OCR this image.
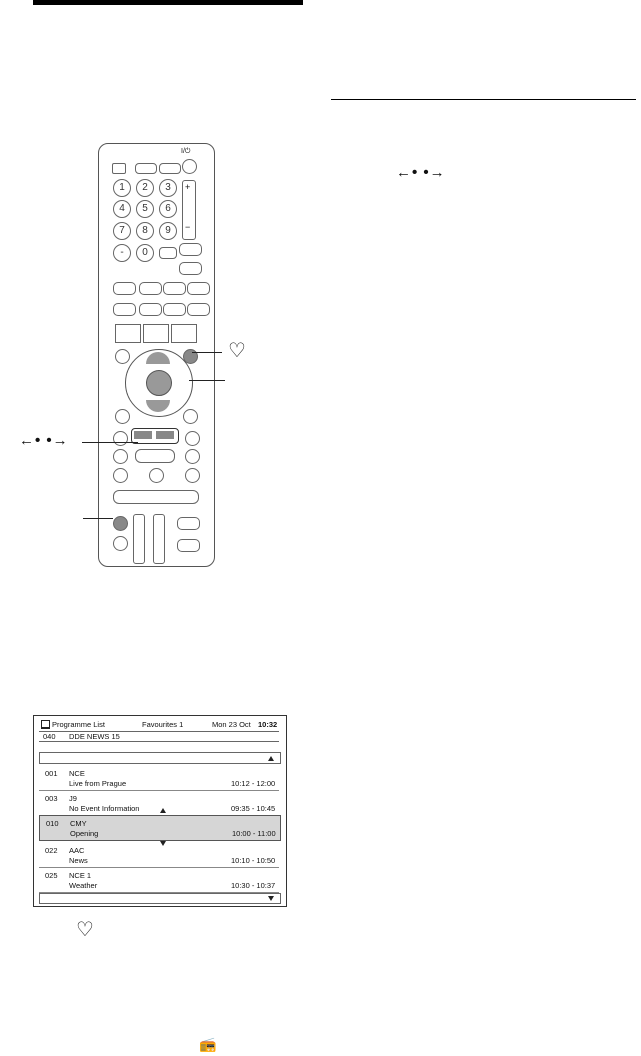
←• •→
I/⏻
1	2	3
4	5	6
7	8	9
-	0
+
−
♡
←• •→
Programme List	Favourites 1	Mon 23 Oct 10:32
040 DDE NEWS 15
001 NCE
Live from Prague	10:12 - 12:00
003 J9
No Event Information	09:35 - 10:45
010 CMY
Opening	10:00 - 11:00
022 AAC
News	10:10 - 10:50
025 NCE 1
Weather	10:30 - 10:37
♡
📻
